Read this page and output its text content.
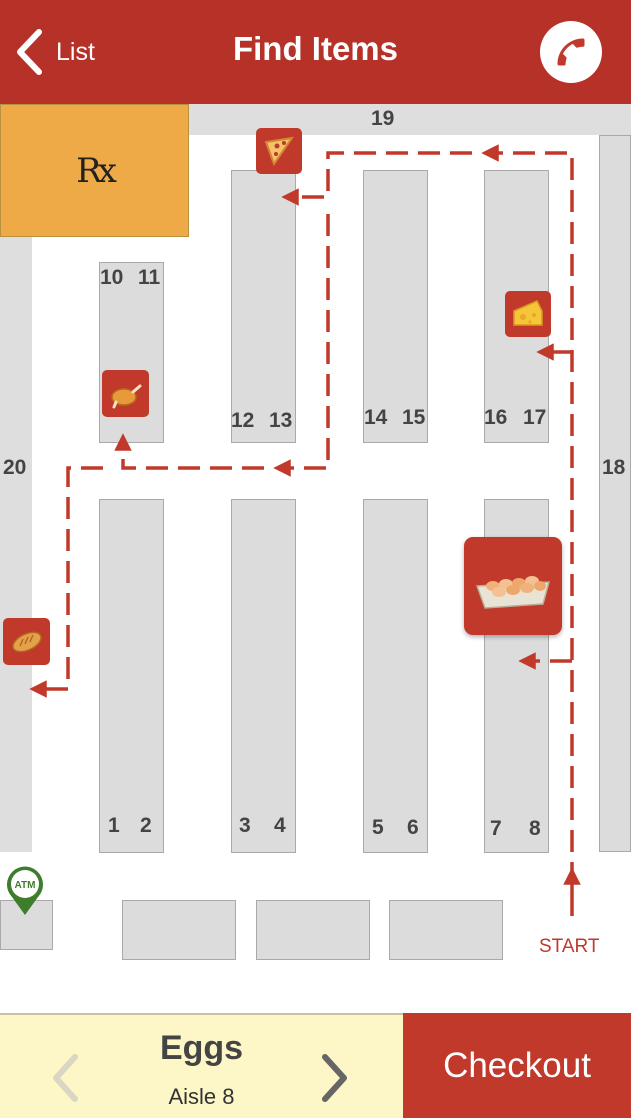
List	Find Items
Rx
19
20	18
10 11
12 13	14 15	16 17
1 2	3 4	5 6	7 8
ATM
START
Eggs
Aisle 8
Checkout
